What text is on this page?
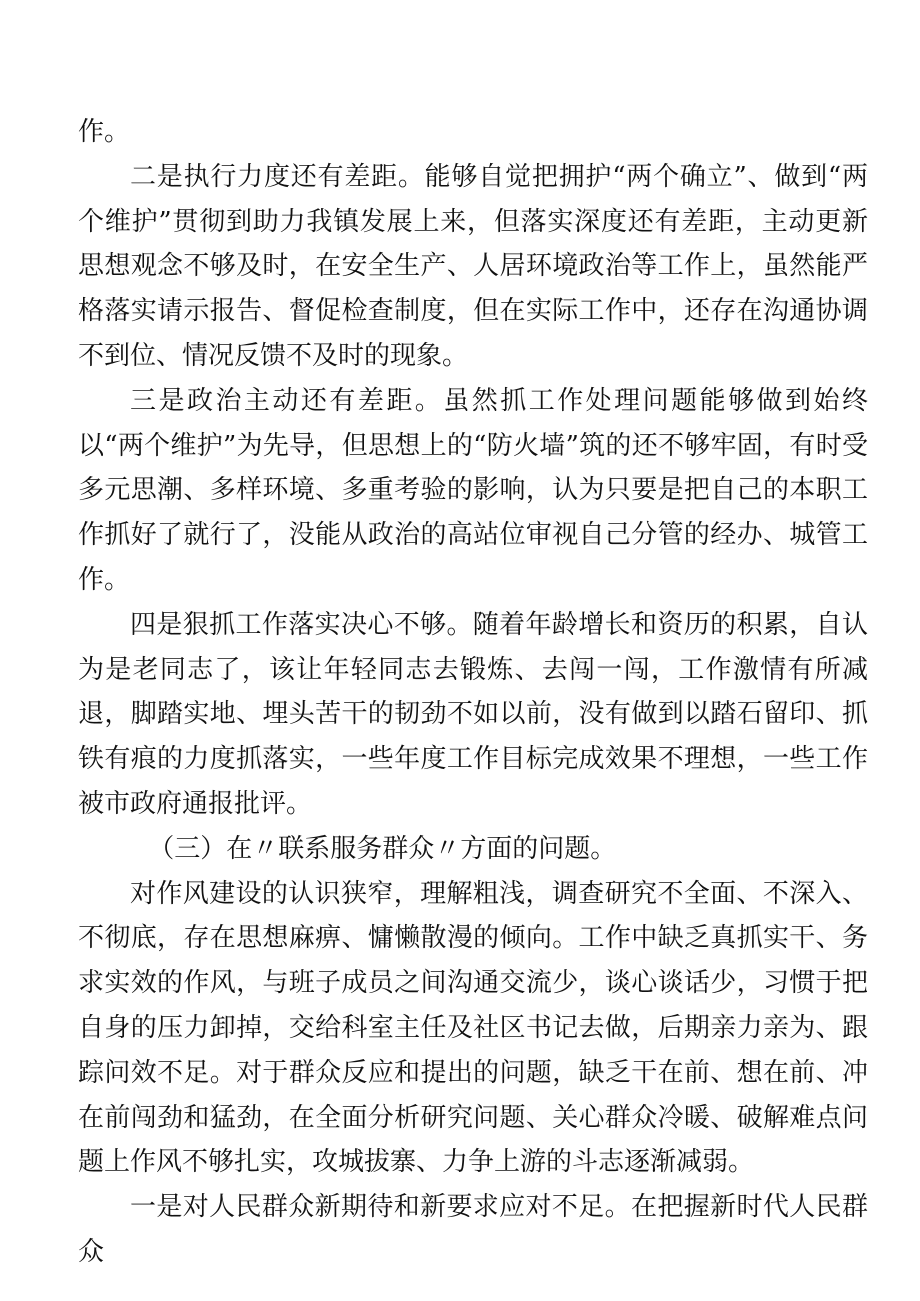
作。

二是执行力度还有差距。能够自觉把拥护“两个确立”、做到“两个维护”贯彻到助力我镇发展上来，但落实深度还有差距，主动更新思想观念不够及时，在安全生产、人居环境政治等工作上，虽然能严格落实请示报告、督促检查制度，但在实际工作中，还存在沟通协调不到位、情况反馈不及时的现象。

三是政治主动还有差距。虽然抓工作处理问题能够做到始终以“两个维护”为先导，但思想上的“防火墙”筑的还不够牢固，有时受多元思潮、多样环境、多重考验的影响，认为只要是把自己的本职工作抓好了就行了，没能从政治的高站位审视自己分管的经办、城管工作。

四是狠抓工作落实决心不够。随着年龄增长和资历的积累，自认为是老同志了，该让年轻同志去锻炼、去闯一闯，工作激情有所减退，脚踏实地、埋头苦干的韧劲不如以前，没有做到以踏石留印、抓铁有痕的力度抓落实，一些年度工作目标完成效果不理想，一些工作被市政府通报批评。

（三）在〃联系服务群众〃方面的问题。

对作风建设的认识狭窄，理解粗浅，调查研究不全面、不深入、不彻底，存在思想麻痹、慵懒散漫的倾向。工作中缺乏真抓实干、务求实效的作风，与班子成员之间沟通交流少，谈心谈话少，习惯于把自身的压力卸掉，交给科室主任及社区书记去做，后期亲力亲为、跟踪问效不足。对于群众反应和提出的问题，缺乏干在前、想在前、冲在前闯劲和猛劲，在全面分析研究问题、关心群众冷暖、破解难点问题上作风不够扎实，攻城拔寨、力争上游的斗志逐渐减弱。

一是对人民群众新期待和新要求应对不足。在把握新时代人民群众
